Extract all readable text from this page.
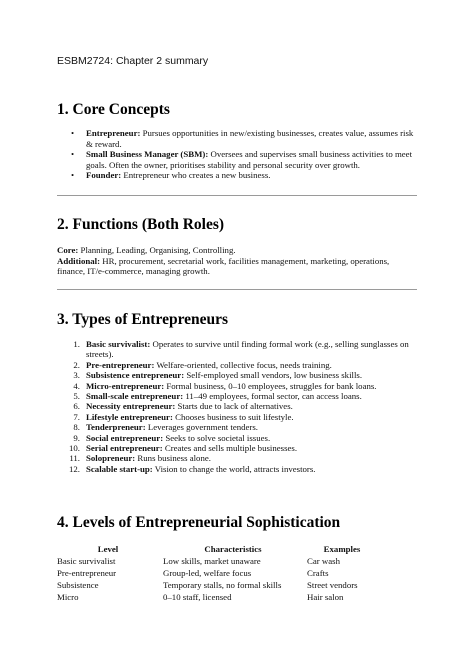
ESBM2724: Chapter 2 summary
1. Core Concepts
• Entrepreneur: Pursues opportunities in new/existing businesses, creates value, assumes risk & reward.
• Small Business Manager (SBM): Oversees and supervises small business activities to meet goals. Often the owner, prioritises stability and personal security over growth.
• Founder: Entrepreneur who creates a new business.
2. Functions (Both Roles)

Core: Planning, Leading, Organising, Controlling.
Additional: HR, procurement, secretarial work, facilities management, marketing, operations, finance, IT/e-commerce, managing growth.

3. Types of Entrepreneurs
1. Basic survivalist: Operates to survive until finding formal work (e.g., selling sunglasses on streets).
2. Pre-entrepreneur: Welfare-oriented, collective focus, needs training.
3. Subsistence entrepreneur: Self-employed small vendors, low business skills.
4. Micro-entrepreneur: Formal business, 0–10 employees, struggles for bank loans.
5. Small-scale entrepreneur: 11–49 employees, formal sector, can access loans.
6. Necessity entrepreneur: Starts due to lack of alternatives.
7. Lifestyle entrepreneur: Chooses business to suit lifestyle.
8. Tenderpreneur: Leverages government tenders.
9. Social entrepreneur: Seeks to solve societal issues.
10. Serial entrepreneur: Creates and sells multiple businesses.
11. Solopreneur: Runs business alone.
12. Scalable start-up: Vision to change the world, attracts investors.
4. Levels of Entrepreneurial Sophistication
Level	Characteristics	Examples
Basic survivalist	Low skills, market unaware	Car wash
Pre-entrepreneur	Group-led, welfare focus	Crafts
Subsistence	Temporary stalls, no formal skills	Street vendors
Micro	0–10 staff, licensed	Hair salon
